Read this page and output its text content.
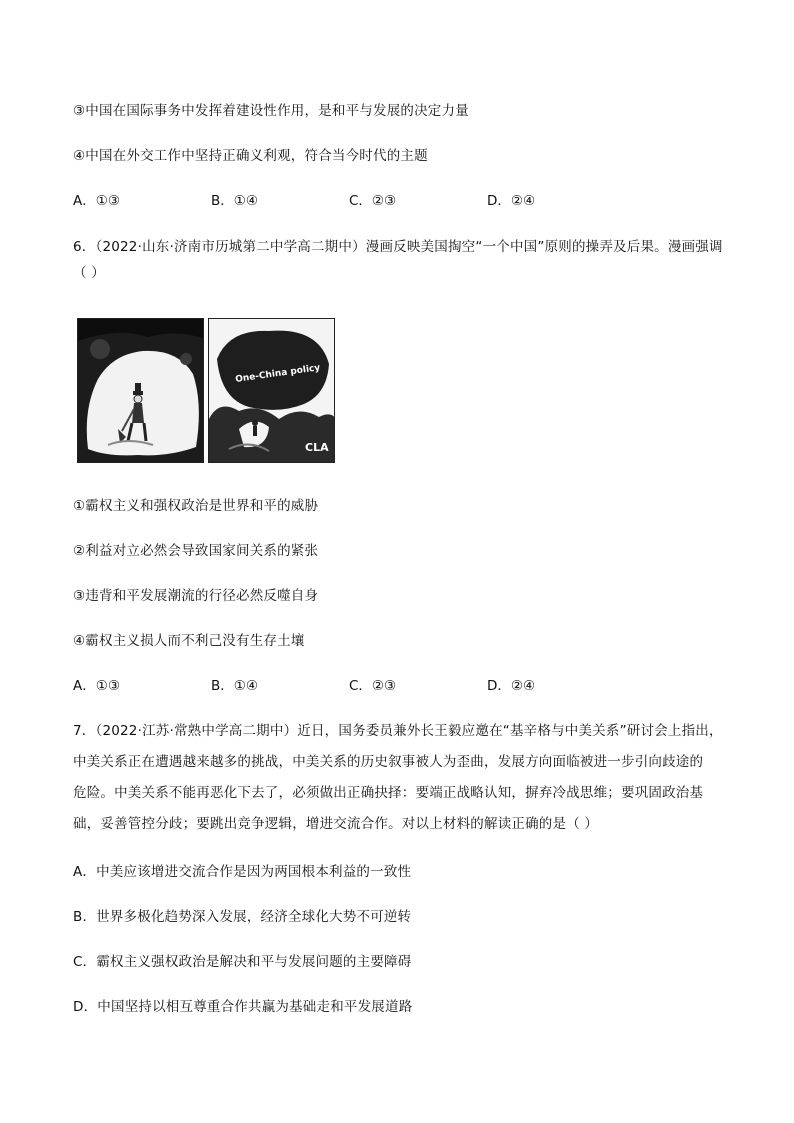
③中国在国际事务中发挥着建设性作用，是和平与发展的决定力量
④中国在外交工作中坚持正确义利观，符合当今时代的主题
A．①③	B．①④	C．②③	D．②④
6．（2022·山东·济南市历城第二中学高二期中）漫画反映美国掏空“一个中国”原则的操弄及后果。漫画强调
（ ）
One-China policy
CLA
①霸权主义和强权政治是世界和平的威胁
②利益对立必然会导致国家间关系的紧张
③违背和平发展潮流的行径必然反噬自身
④霸权主义损人而不利己没有生存土壤
A．①③	B．①④	C．②③	D．②④
7．（2022·江苏·常熟中学高二期中）近日，国务委员兼外长王毅应邀在“基辛格与中美关系”研讨会上指出，
中美关系正在遭遇越来越多的挑战，中美关系的历史叙事被人为歪曲，发展方向面临被进一步引向歧途的
危险。中美关系不能再恶化下去了，必须做出正确抉择：要端正战略认知，摒弃冷战思维；要巩固政治基
础，妥善管控分歧；要跳出竞争逻辑，增进交流合作。对以上材料的解读正确的是（ ）
A．中美应该增进交流合作是因为两国根本利益的一致性
B．世界多极化趋势深入发展，经济全球化大势不可逆转
C．霸权主义强权政治是解决和平与发展问题的主要障碍
D．中国坚持以相互尊重合作共赢为基础走和平发展道路
